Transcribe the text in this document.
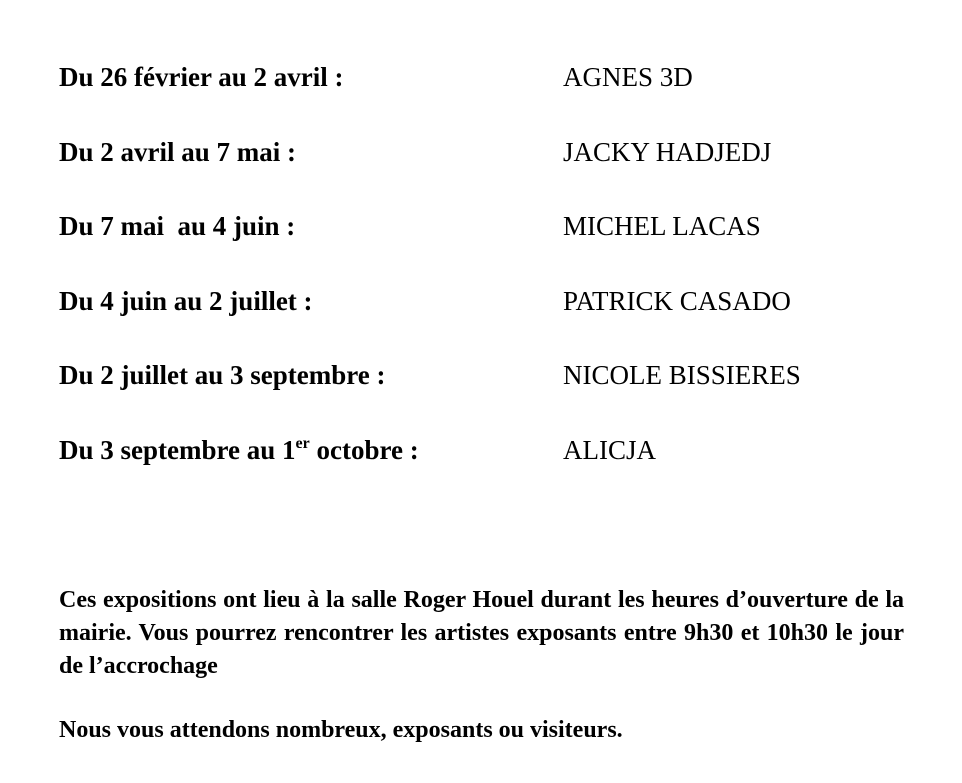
Du 26 février au 2 avril :	AGNES 3D
Du 2 avril au 7 mai :	JACKY HADJEDJ
Du 7 mai  au 4 juin :	MICHEL LACAS
Du 4 juin au 2 juillet :	PATRICK CASADO
Du 2 juillet au 3 septembre :	NICOLE BISSIERES
Du 3 septembre au 1er octobre :	ALICJA

Ces expositions ont lieu à la salle Roger Houel durant les heures d’ouverture de la mairie. Vous pourrez rencontrer les artistes exposants entre 9h30 et 10h30 le jour de l’accrochage

Nous vous attendons nombreux, exposants ou visiteurs.
